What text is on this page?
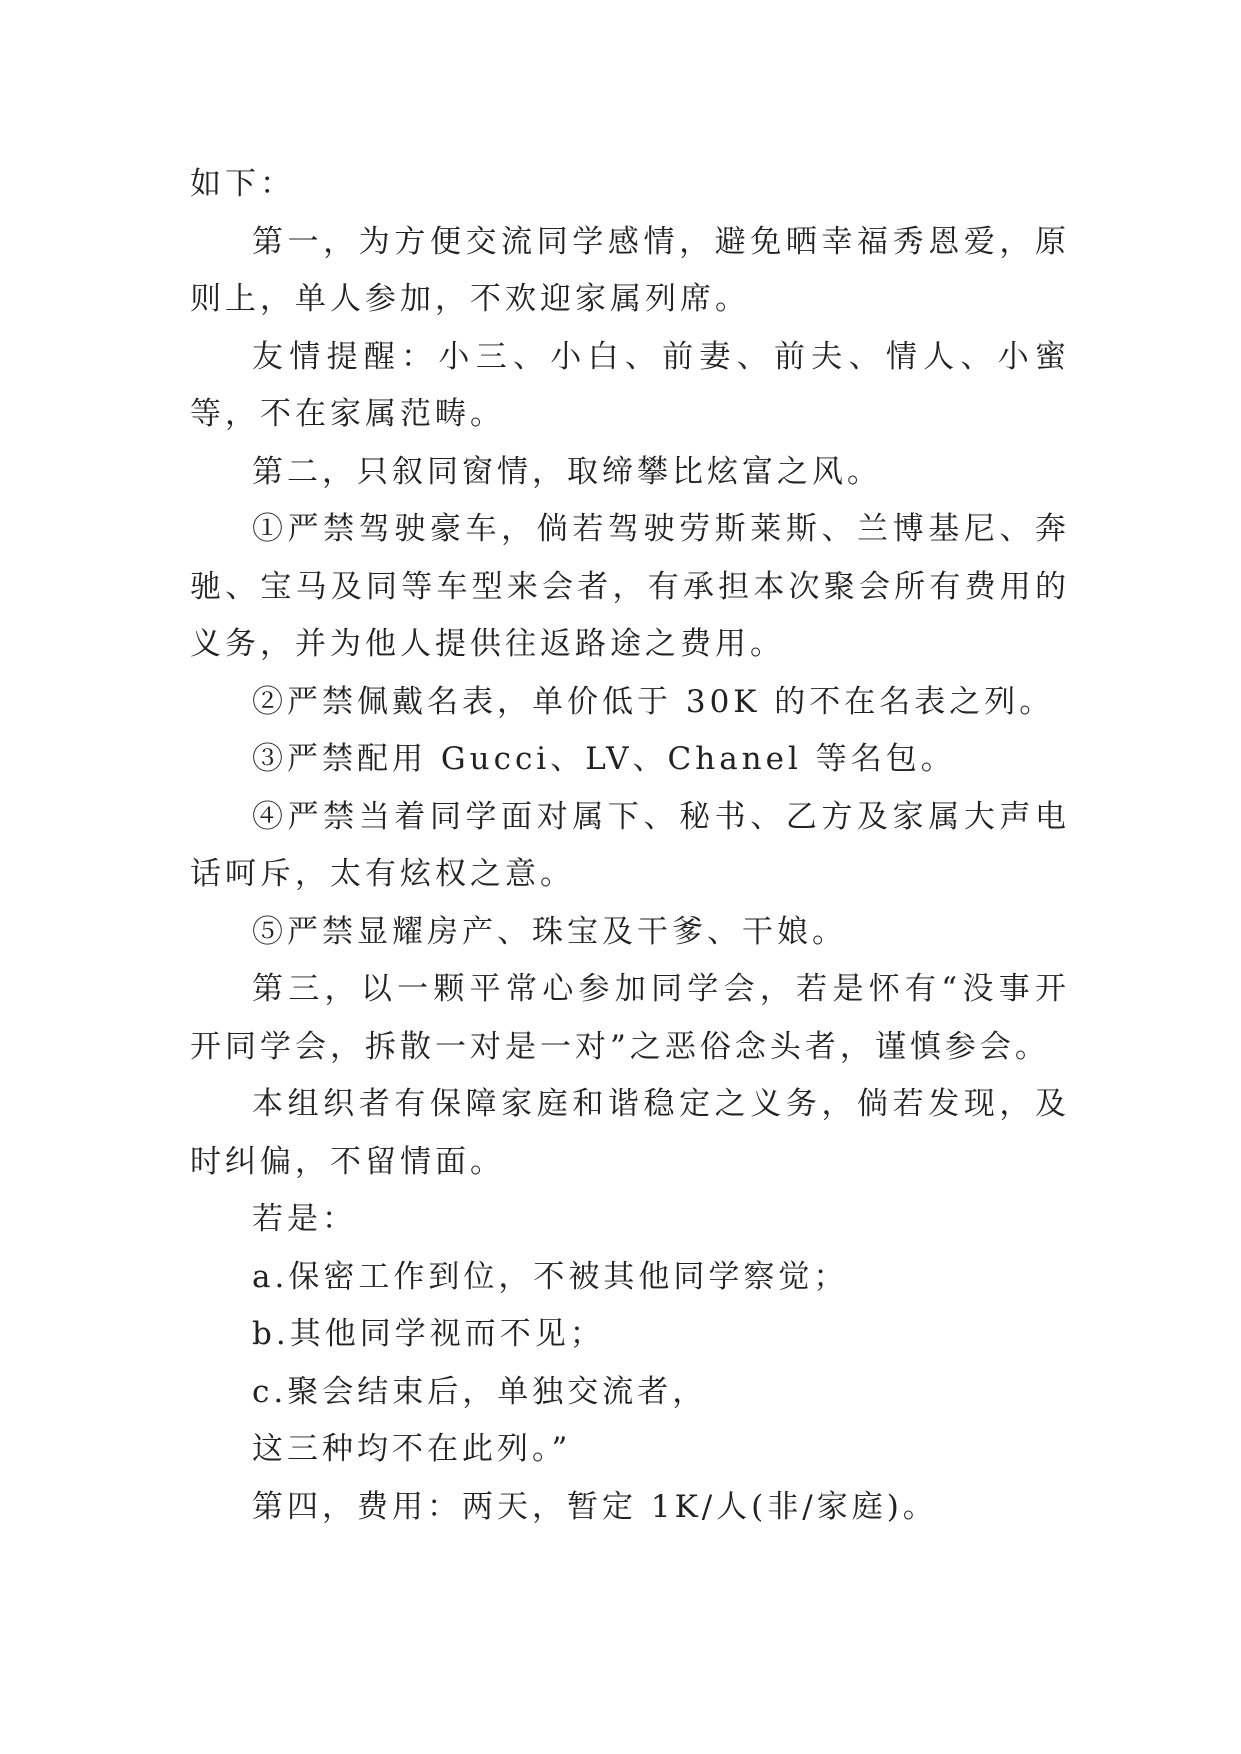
如下：

第一，为方便交流同学感情，避免晒幸福秀恩爱，原则上，单人参加，不欢迎家属列席。

友情提醒：小三、小白、前妻、前夫、情人、小蜜等，不在家属范畴。

第二，只叙同窗情，取缔攀比炫富之风。

①严禁驾驶豪车，倘若驾驶劳斯莱斯、兰博基尼、奔驰、宝马及同等车型来会者，有承担本次聚会所有费用的义务，并为他人提供往返路途之费用。

②严禁佩戴名表，单价低于 30K 的不在名表之列。

③严禁配用 Gucci、LV、Chanel 等名包。

④严禁当着同学面对属下、秘书、乙方及家属大声电话呵斥，太有炫权之意。

⑤严禁显耀房产、珠宝及干爹、干娘。

第三，以一颗平常心参加同学会，若是怀有“没事开开同学会，拆散一对是一对”之恶俗念头者，谨慎参会。

本组织者有保障家庭和谐稳定之义务，倘若发现，及时纠偏，不留情面。

若是：

a.保密工作到位，不被其他同学察觉；

b.其他同学视而不见；

c.聚会结束后，单独交流者，

这三种均不在此列。”

第四，费用：两天，暂定 1K/人(非/家庭)。
